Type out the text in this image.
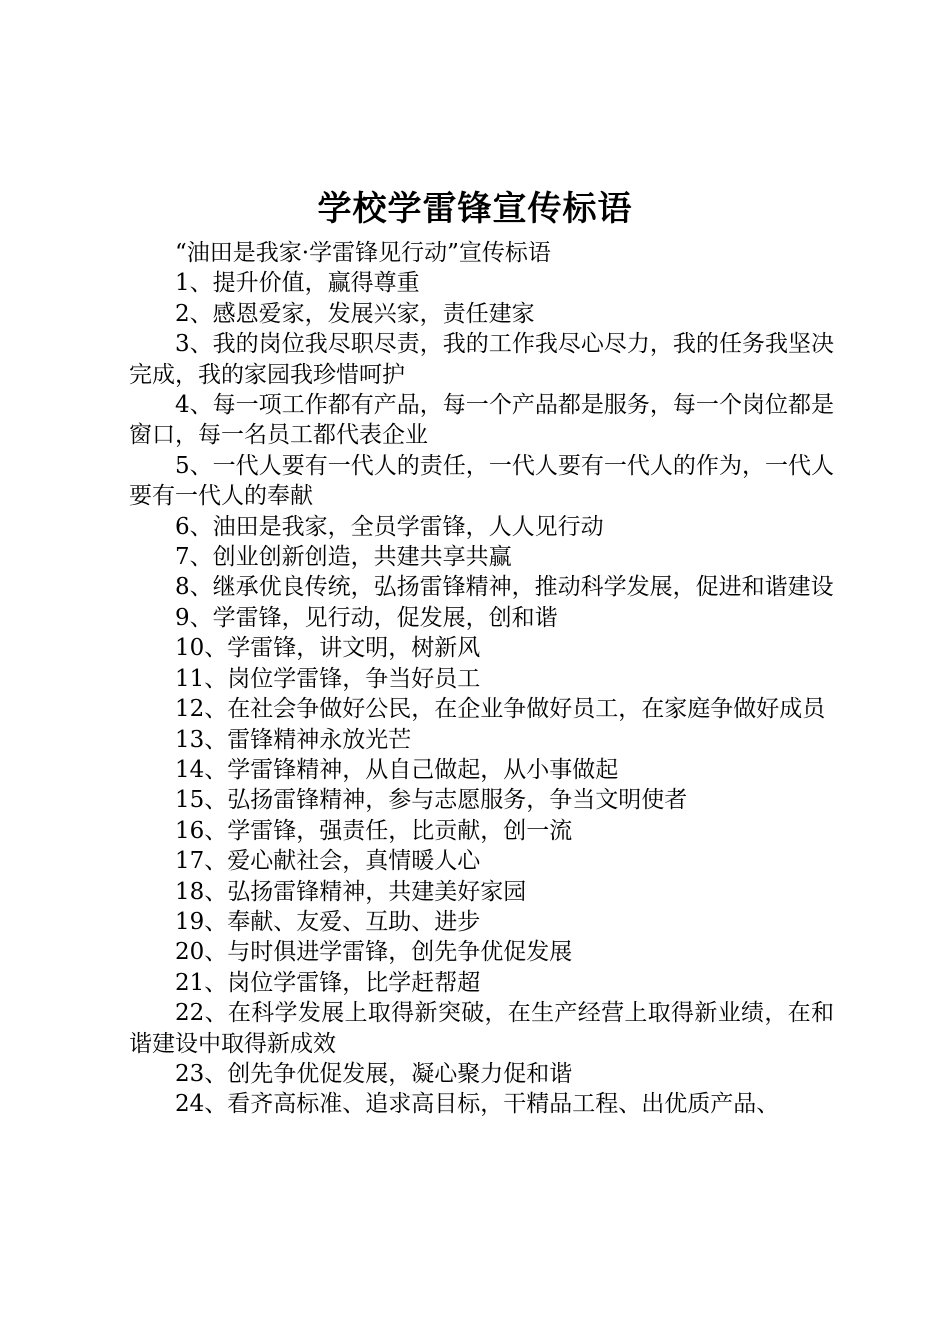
学校学雷锋宣传标语

“油田是我家·学雷锋见行动”宣传标语

1、提升价值，赢得尊重

2、感恩爱家，发展兴家，责任建家

3、我的岗位我尽职尽责，我的工作我尽心尽力，我的任务我坚决完成，我的家园我珍惜呵护

4、每一项工作都有产品，每一个产品都是服务，每一个岗位都是窗口，每一名员工都代表企业

5、一代人要有一代人的责任，一代人要有一代人的作为，一代人要有一代人的奉献

6、油田是我家，全员学雷锋，人人见行动

7、创业创新创造，共建共享共赢

8、继承优良传统，弘扬雷锋精神，推动科学发展，促进和谐建设

9、学雷锋，见行动，促发展，创和谐

10、学雷锋，讲文明，树新风

11、岗位学雷锋，争当好员工

12、在社会争做好公民，在企业争做好员工，在家庭争做好成员

13、雷锋精神永放光芒

14、学雷锋精神，从自己做起，从小事做起

15、弘扬雷锋精神，参与志愿服务，争当文明使者

16、学雷锋，强责任，比贡献，创一流

17、爱心献社会，真情暖人心

18、弘扬雷锋精神，共建美好家园

19、奉献、友爱、互助、进步

20、与时俱进学雷锋，创先争优促发展

21、岗位学雷锋，比学赶帮超

22、在科学发展上取得新突破，在生产经营上取得新业绩，在和谐建设中取得新成效

23、创先争优促发展，凝心聚力促和谐

24、看齐高标准、追求高目标，干精品工程、出优质产品、
